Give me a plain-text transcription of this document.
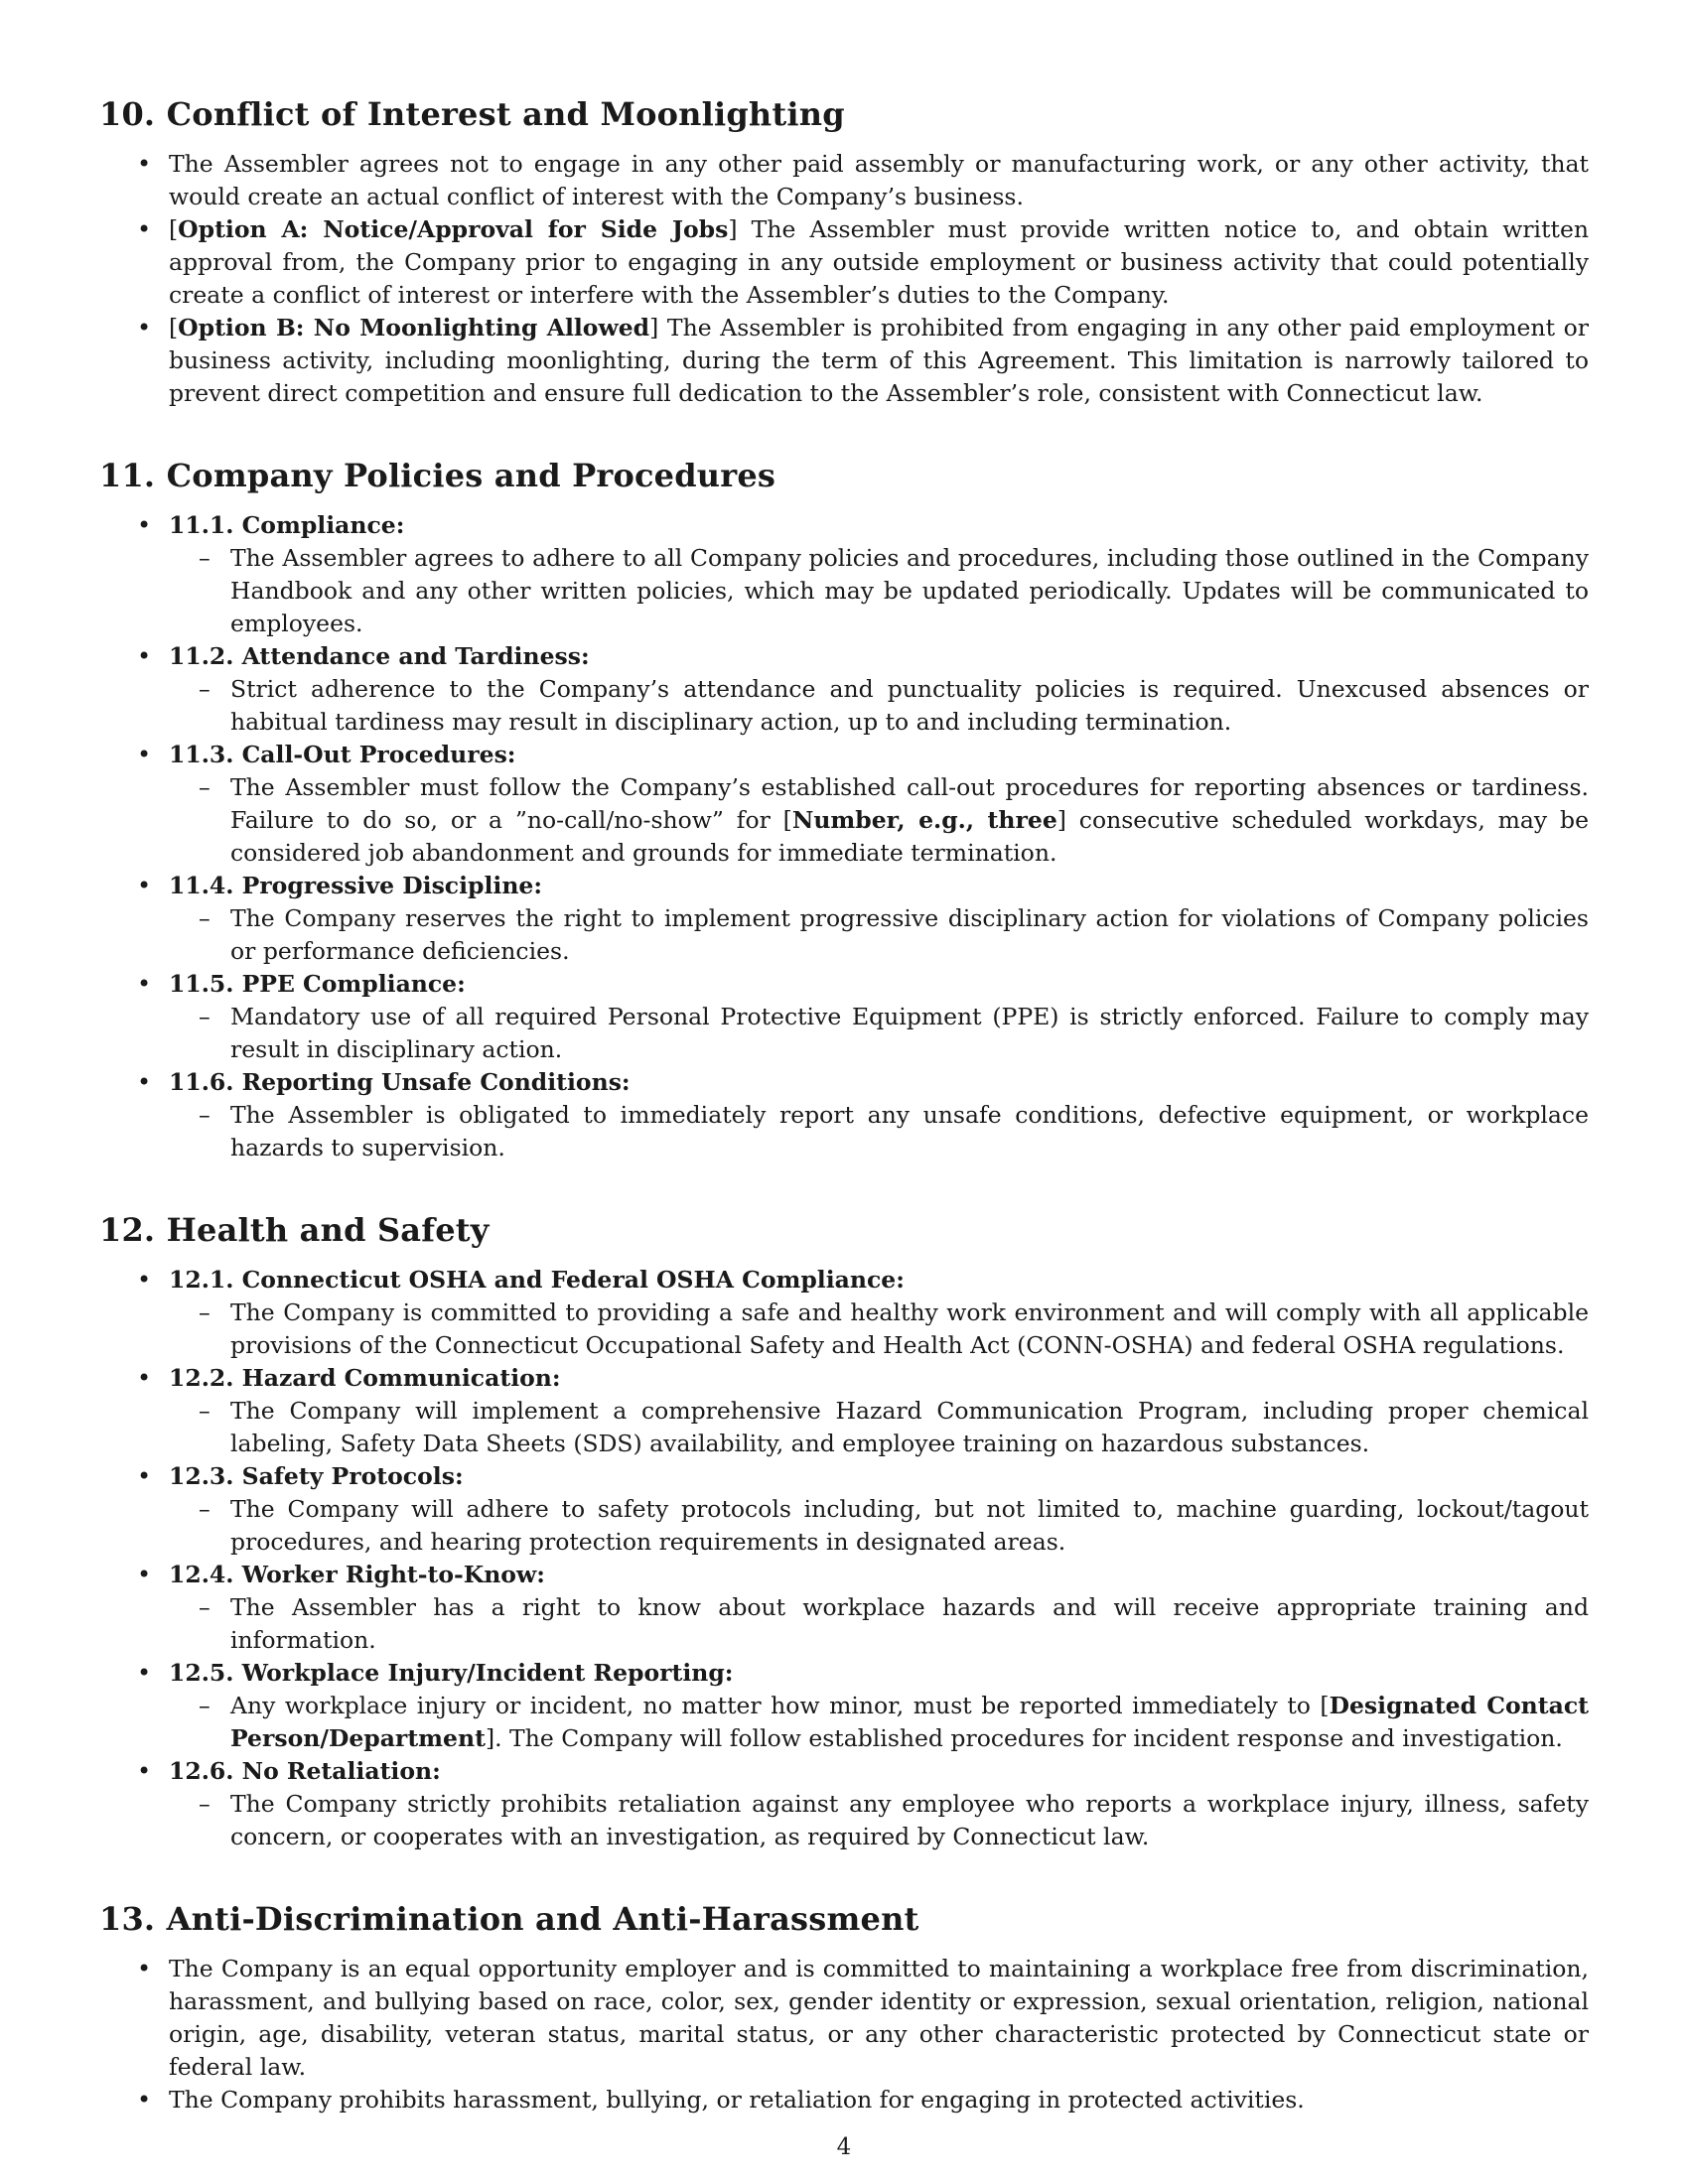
10. Conflict of Interest and Moonlighting
• The Assembler agrees not to engage in any other paid assembly or manufacturing work, or any other activity, that would create an actual conflict of interest with the Company’s business.
• [Option A: Notice/Approval for Side Jobs] The Assembler must provide written notice to, and obtain written approval from, the Company prior to engaging in any outside employment or business activity that could potentially create a conflict of interest or interfere with the Assembler’s duties to the Company.
• [Option B: No Moonlighting Allowed] The Assembler is prohibited from engaging in any other paid employment or business activity, including moonlighting, during the term of this Agreement. This limitation is narrowly tailored to prevent direct competition and ensure full dedication to the Assembler’s role, consistent with Connecticut law.
11. Company Policies and Procedures
• 11.1. Compliance:
– The Assembler agrees to adhere to all Company policies and procedures, including those outlined in the Company Handbook and any other written policies, which may be updated periodically. Updates will be communicated to employees.
• 11.2. Attendance and Tardiness:
– Strict adherence to the Company’s attendance and punctuality policies is required. Unexcused absences or habitual tardiness may result in disciplinary action, up to and including termination.
• 11.3. Call-Out Procedures:
– The Assembler must follow the Company’s established call-out procedures for reporting absences or tardiness. Failure to do so, or a ”no-call/no-show” for [Number, e.g., three] consecutive scheduled workdays, may be considered job abandonment and grounds for immediate termination.
• 11.4. Progressive Discipline:
– The Company reserves the right to implement progressive disciplinary action for violations of Company policies or performance deficiencies.
• 11.5. PPE Compliance:
– Mandatory use of all required Personal Protective Equipment (PPE) is strictly enforced. Failure to comply may result in disciplinary action.
• 11.6. Reporting Unsafe Conditions:
– The Assembler is obligated to immediately report any unsafe conditions, defective equipment, or workplace hazards to supervision.
12. Health and Safety
• 12.1. Connecticut OSHA and Federal OSHA Compliance:
– The Company is committed to providing a safe and healthy work environment and will comply with all applicable provisions of the Connecticut Occupational Safety and Health Act (CONN-OSHA) and federal OSHA regulations.
• 12.2. Hazard Communication:
– The Company will implement a comprehensive Hazard Communication Program, including proper chemical labeling, Safety Data Sheets (SDS) availability, and employee training on hazardous substances.
• 12.3. Safety Protocols:
– The Company will adhere to safety protocols including, but not limited to, machine guarding, lockout/tagout procedures, and hearing protection requirements in designated areas.
• 12.4. Worker Right-to-Know:
– The Assembler has a right to know about workplace hazards and will receive appropriate training and information.
• 12.5. Workplace Injury/Incident Reporting:
– Any workplace injury or incident, no matter how minor, must be reported immediately to [Designated Contact Person/Department]. The Company will follow established procedures for incident response and investigation.
• 12.6. No Retaliation:
– The Company strictly prohibits retaliation against any employee who reports a workplace injury, illness, safety concern, or cooperates with an investigation, as required by Connecticut law.
13. Anti-Discrimination and Anti-Harassment
• The Company is an equal opportunity employer and is committed to maintaining a workplace free from discrimination, harassment, and bullying based on race, color, sex, gender identity or expression, sexual orientation, religion, national origin, age, disability, veteran status, marital status, or any other characteristic protected by Connecticut state or federal law.
• The Company prohibits harassment, bullying, or retaliation for engaging in protected activities.
4
